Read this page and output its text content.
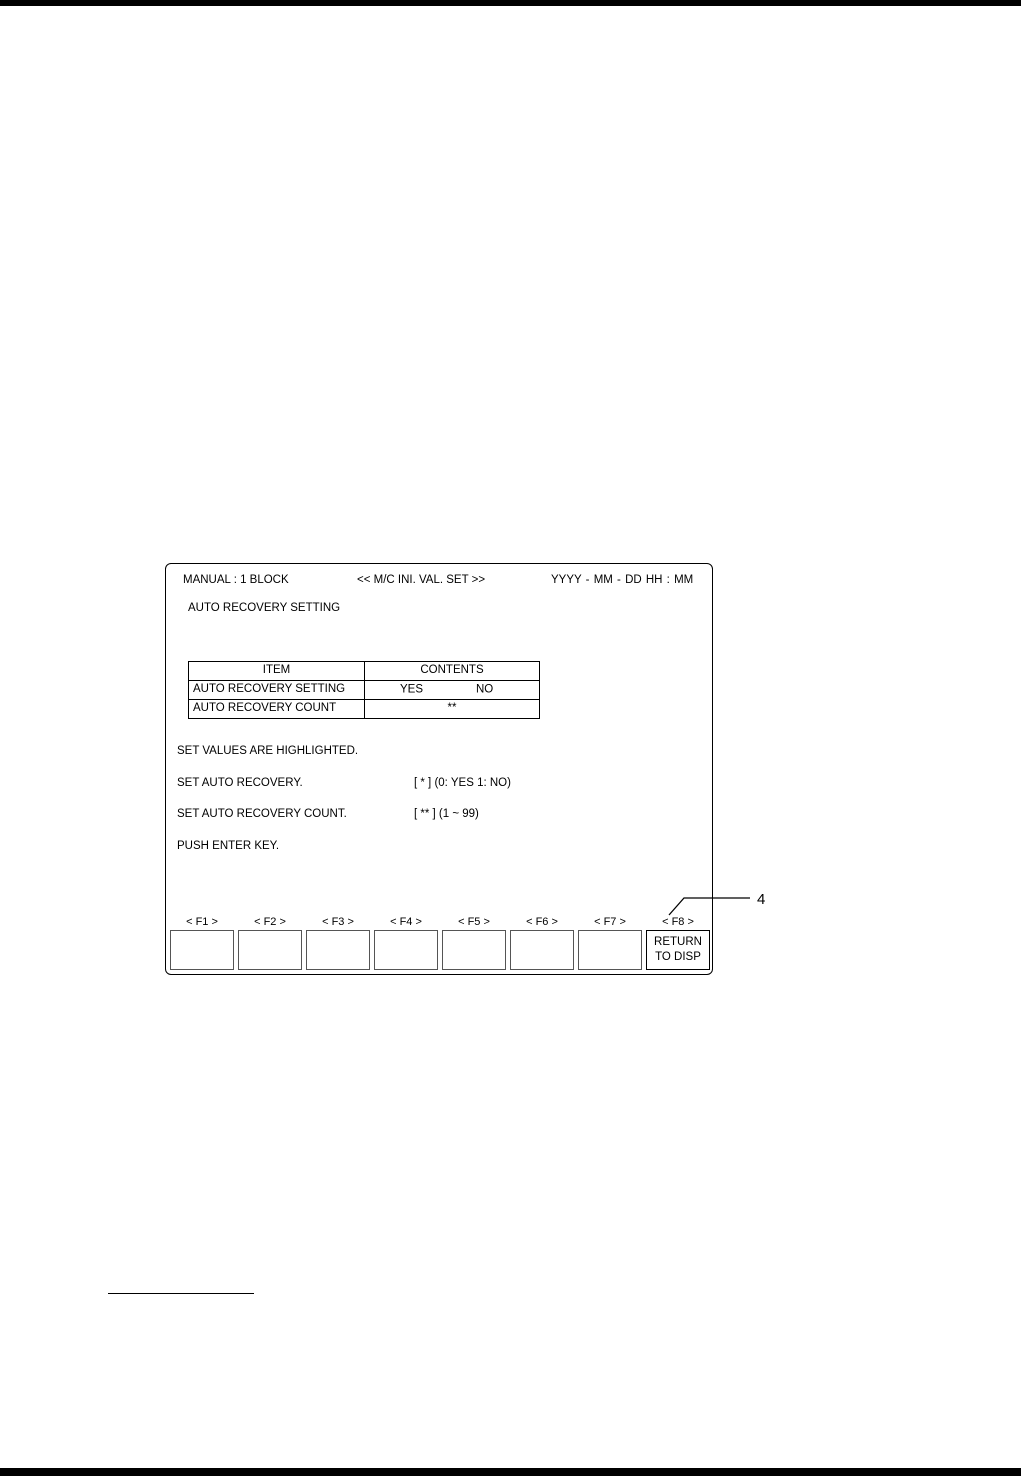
MANUAL : 1 BLOCK	<< M/C INI. VAL. SET >>	YYYY - MM - DD HH : MM
AUTO RECOVERY SETTING
ITEM	CONTENTS
AUTO RECOVERY SETTING	YES NO

AUTO RECOVERY COUNT	**
SET VALUES ARE HIGHLIGHTED.
SET AUTO RECOVERY.	[ * ] (0: YES 1: NO)
SET AUTO RECOVERY COUNT.	[ ** ] (1 ~ 99)
PUSH ENTER KEY.
< F1 >	< F2 >	< F3 >	< F4 >	< F5 >	< F6 >	< F7 >	< F8 >
RETURN
TO DISP
4
